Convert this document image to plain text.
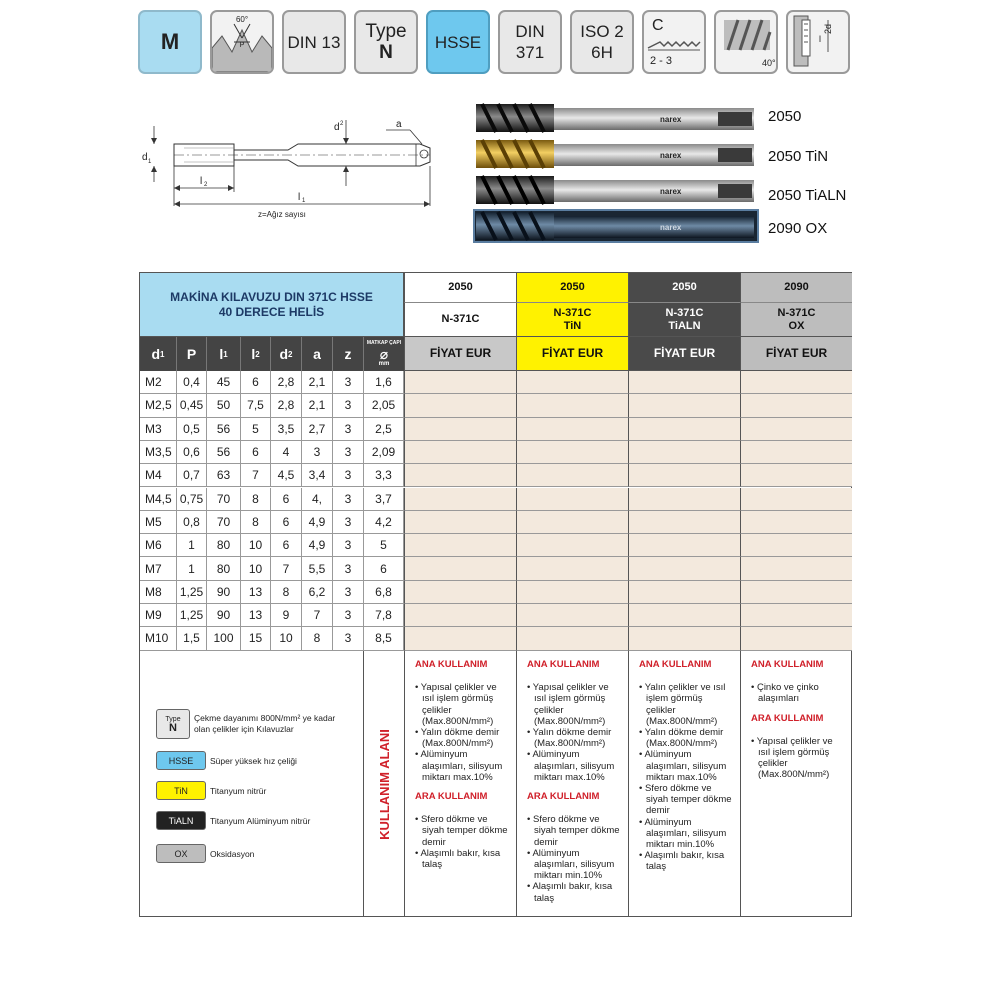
M
60°
P	DIN 13 Type
N HSSE
DIN
371
ISO 2
6H
C
2 - 3	40°
2d
l
d 1
d 2	a
l 2
l 1
z=Ağız sayısı
narex
narex
narex
narex
2050
2050 TiN
2050 TiALN
2090 OX
MAKİNA KILAVUZU DIN 371C HSSE
40 DERECE HELİS
2050
N-371C
FİYAT EUR
2050
N-371C
TiN
FİYAT EUR
2050
N-371C
TiALN
FİYAT EUR
2090
N-371C
OX
FİYAT EUR
d 1 P l 1 l 2 d 2 a z
MATKAP ÇAPI
⌀
mm
M2	0,4	45	6	2,8	2,1	3	1,6
M2,5 0,45	50	7,5	2,8	2,1	3	2,05
M3	0,5	56	5	3,5	2,7	3	2,5
M3,5 0,6	56	6	4	3	3	2,09
M4	0,7	63	7	4,5	3,4	3	3,3
M4,5 0,75	70	8	6	4,	3	3,7
M5	0,8	70	8	6	4,9	3	4,2
M6	1	80	10	6	4,9	3	5
M7	1	80	10	7	5,5	3	6
M8	1,25	90	13	8	6,2	3	6,8
M9	1,25	90	13	9	7	3	7,8
M10	1,5	100	15	10	8	3	8,5
Type
N
Çekme dayanımı 800N/mm² ye kadar olan çelikler için Kılavuzlar
HSSE	Süper yüksek hız çeliği
TiN	Titanyum nitrür
TiALN	Titanyum Alüminyum nitrür
OX	Oksidasyon
KULLANIM ALANI
ANA KULLANIM
• Yapısal çelikler ve ısıl işlem görmüş çelikler (Max.800N/mm²)
• Yalın dökme demir (Max.800N/mm²)
• Alüminyum alaşımları, silisyum miktarı max.10%
ARA KULLANIM
• Sfero dökme ve siyah temper dökme demir
• Alaşımlı bakır, kısa talaş
ANA KULLANIM
• Yapısal çelikler ve ısıl işlem görmüş çelikler (Max.800N/mm²)
• Yalın dökme demir (Max.800N/mm²)
• Alüminyum alaşımları, silisyum miktarı max.10%
ARA KULLANIM
• Sfero dökme ve siyah temper dökme demir
• Alüminyum alaşımları, silisyum miktarı min.10%
• Alaşımlı bakır, kısa talaş
ANA KULLANIM
• Yalın çelikler ve ısıl işlem görmüş çelikler (Max.800N/mm²)
• Yalın dökme demir (Max.800N/mm²)
• Alüminyum alaşımları, silisyum miktarı max.10%
• Sfero dökme ve siyah temper dökme demir
• Alüminyum alaşımları, silisyum miktarı min.10%
• Alaşımlı bakır, kısa talaş
ANA KULLANIM
• Çinko ve çinko alaşımları
ARA KULLANIM
• Yapısal çelikler ve ısıl işlem görmüş çelikler (Max.800N/mm²)
